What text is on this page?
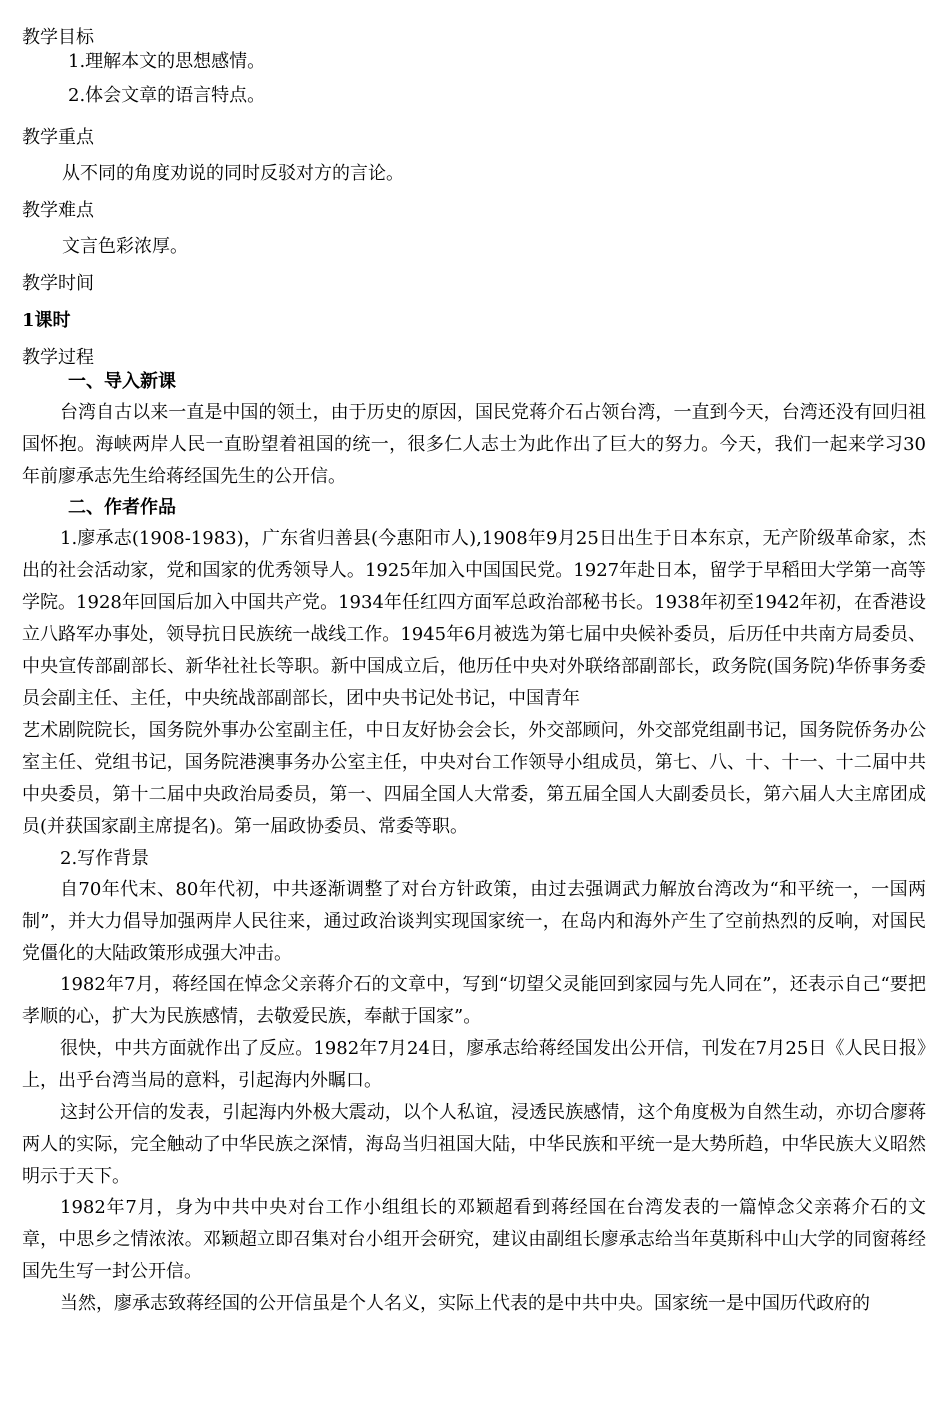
教学目标
1.理解本文的思想感情。
2.体会文章的语言特点。
教学重点
从不同的角度劝说的同时反驳对方的言论。
教学难点
文言色彩浓厚。
教学时间
1课时
教学过程
一、导入新课
台湾自古以来一直是中国的领土，由于历史的原因，国民党蒋介石占领台湾，一直到今天，台湾还没有回归祖国怀抱。海峡两岸人民一直盼望着祖国的统一，很多仁人志士为此作出了巨大的努力。今天，我们一起来学习30年前廖承志先生给蒋经国先生的公开信。
二、作者作品
1.廖承志(1908-1983)，广东省归善县(今惠阳市人),1908年9月25日出生于日本东京，无产阶级革命家，杰出的社会活动家，党和国家的优秀领导人。1925年加入中国国民党。1927年赴日本，留学于早稻田大学第一高等学院。1928年回国后加入中国共产党。1934年任红四方面军总政治部秘书长。1938年初至1942年初，在香港设立八路军办事处，领导抗日民族统一战线工作。1945年6月被选为第七届中央候补委员，后历任中共南方局委员、中央宣传部副部长、新华社社长等职。新中国成立后，他历任中央对外联络部副部长，政务院(国务院)华侨事务委员会副主任、主任，中央统战部副部长，团中央书记处书记，中国青年
艺术剧院院长，国务院外事办公室副主任，中日友好协会会长，外交部顾问，外交部党组副书记，国务院侨务办公室主任、党组书记，国务院港澳事务办公室主任，中央对台工作领导小组成员，第七、八、十、十一、十二届中共中央委员，第十二届中央政治局委员，第一、四届全国人大常委，第五届全国人大副委员长，第六届人大主席团成员(并获国家副主席提名)。第一届政协委员、常委等职。
2.写作背景
自70年代末、80年代初，中共逐渐调整了对台方针政策，由过去强调武力解放台湾改为“和平统一，一国两制”，并大力倡导加强两岸人民往来，通过政治谈判实现国家统一，在岛内和海外产生了空前热烈的反响，对国民党僵化的大陆政策形成强大冲击。
1982年7月，蒋经国在悼念父亲蒋介石的文章中，写到“切望父灵能回到家园与先人同在”，还表示自己“要把孝顺的心，扩大为民族感情，去敬爱民族，奉献于国家”。
很快，中共方面就作出了反应。1982年7月24日，廖承志给蒋经国发出公开信，刊发在7月25日《人民日报》上，出乎台湾当局的意料，引起海内外瞩口。
这封公开信的发表，引起海内外极大震动，以个人私谊，浸透民族感情，这个角度极为自然生动，亦切合廖蒋两人的实际，完全触动了中华民族之深情，海岛当归祖国大陆，中华民族和平统一是大势所趋，中华民族大义昭然明示于天下。
1982年7月，身为中共中央对台工作小组组长的邓颖超看到蒋经国在台湾发表的一篇悼念父亲蒋介石的文章，中思乡之情浓浓。邓颖超立即召集对台小组开会研究，建议由副组长廖承志给当年莫斯科中山大学的同窗蒋经国先生写一封公开信。
当然，廖承志致蒋经国的公开信虽是个人名义，实际上代表的是中共中央。国家统一是中国历代政府的
